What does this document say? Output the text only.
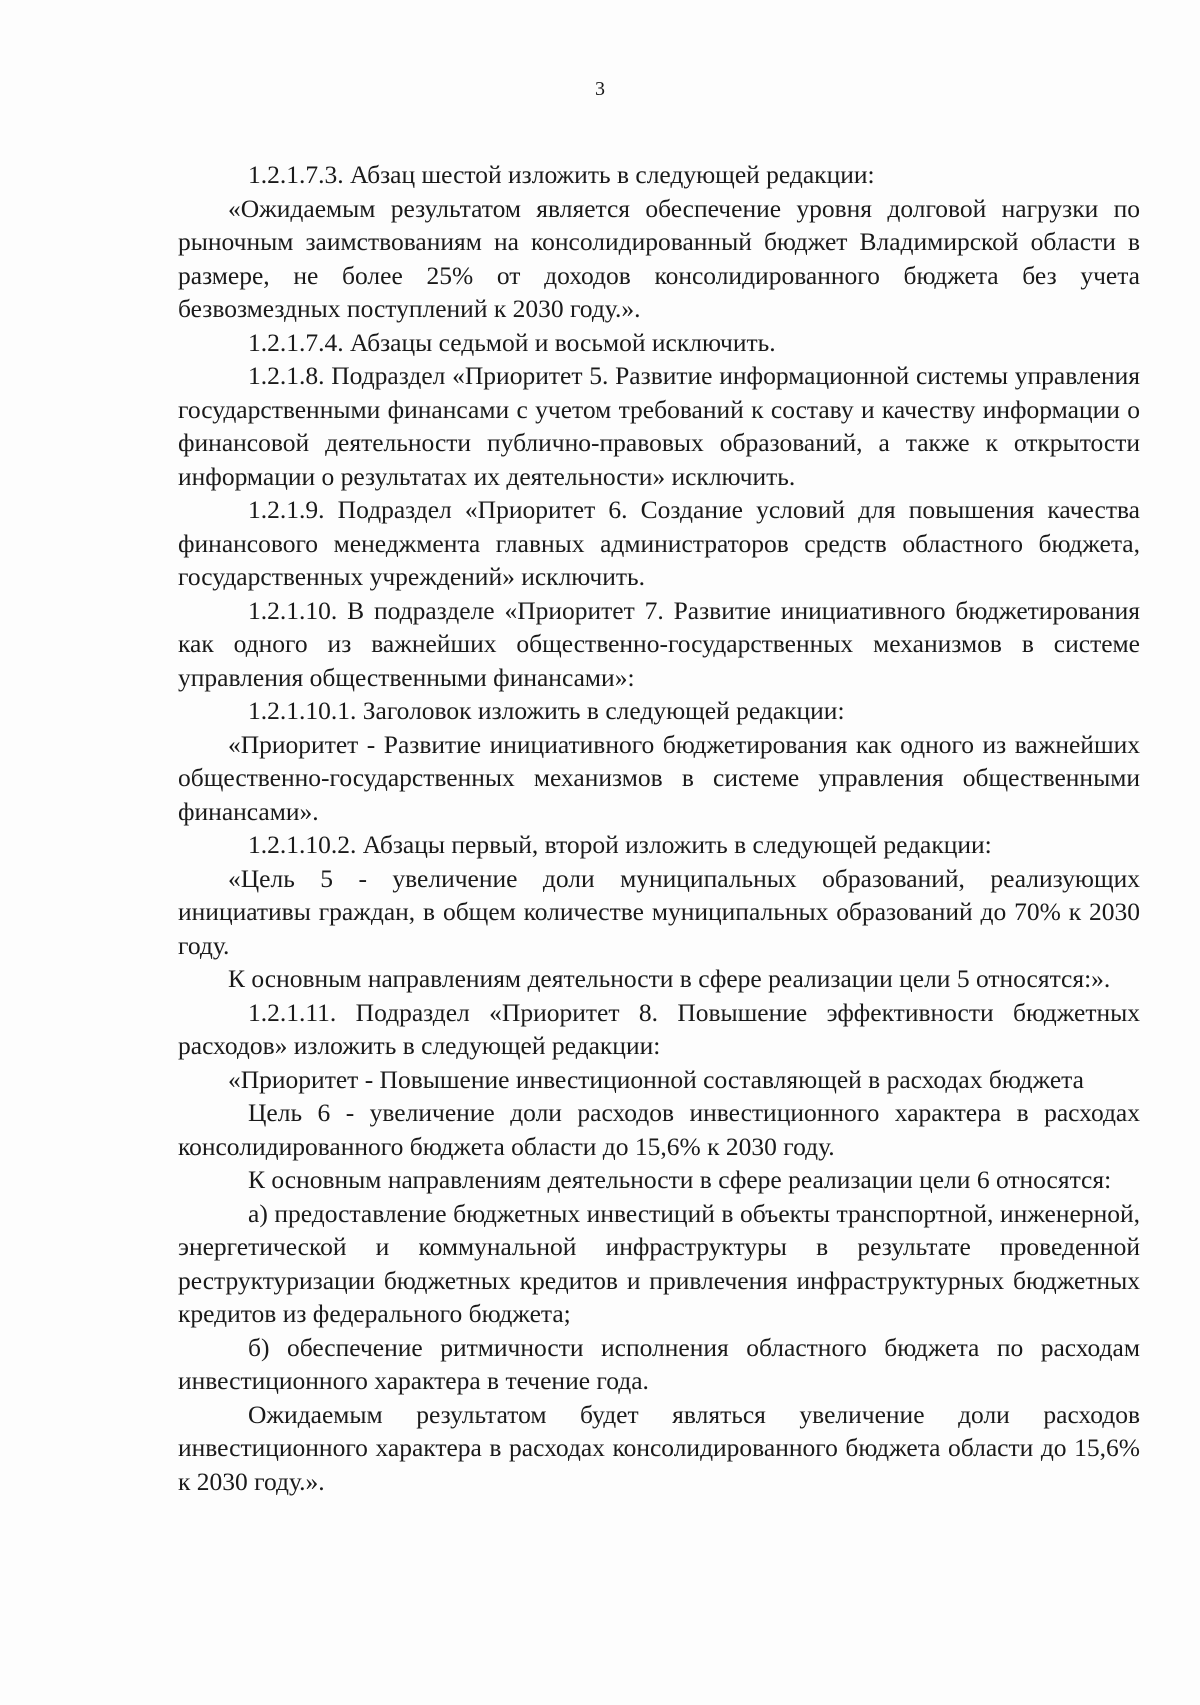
3

1.2.1.7.3. Абзац шестой изложить в следующей редакции:

«Ожидаемым результатом является обеспечение уровня долговой нагрузки по рыночным заимствованиям на консолидированный бюджет Владимирской области в размере, не более 25% от доходов консолидированного бюджета без учета безвозмездных поступлений к 2030 году.».

1.2.1.7.4. Абзацы седьмой и восьмой исключить.

1.2.1.8. Подраздел «Приоритет 5. Развитие информационной системы управления государственными финансами с учетом требований к составу и качеству информации о финансовой деятельности публично-правовых образований, а также к открытости информации о результатах их деятельности» исключить.

1.2.1.9. Подраздел «Приоритет 6. Создание условий для повышения качества финансового менеджмента главных администраторов средств областного бюджета, государственных учреждений» исключить.

1.2.1.10. В подразделе «Приоритет 7. Развитие инициативного бюджетирования как одного из важнейших общественно-государственных механизмов в системе управления общественными финансами»:

1.2.1.10.1. Заголовок изложить в следующей редакции:

«Приоритет - Развитие инициативного бюджетирования как одного из важнейших общественно-государственных механизмов в системе управления общественными финансами».

1.2.1.10.2. Абзацы первый, второй изложить в следующей редакции:

«Цель 5 - увеличение доли муниципальных образований, реализующих инициативы граждан, в общем количестве муниципальных образований до 70% к 2030 году.

К основным направлениям деятельности в сфере реализации цели 5 относятся:».

1.2.1.11. Подраздел «Приоритет 8. Повышение эффективности бюджетных расходов» изложить в следующей редакции:

«Приоритет - Повышение инвестиционной составляющей в расходах бюджета

Цель 6 - увеличение доли расходов инвестиционного характера в расходах консолидированного бюджета области до 15,6% к 2030 году.

К основным направлениям деятельности в сфере реализации цели 6 относятся:

а) предоставление бюджетных инвестиций в объекты транспортной, инженерной, энергетической и коммунальной инфраструктуры в результате проведенной реструктуризации бюджетных кредитов и привлечения инфраструктурных бюджетных кредитов из федерального бюджета;

б) обеспечение ритмичности исполнения областного бюджета по расходам инвестиционного характера в течение года.

Ожидаемым результатом будет являться увеличение доли расходов инвестиционного характера в расходах консолидированного бюджета области до 15,6% к 2030 году.».
